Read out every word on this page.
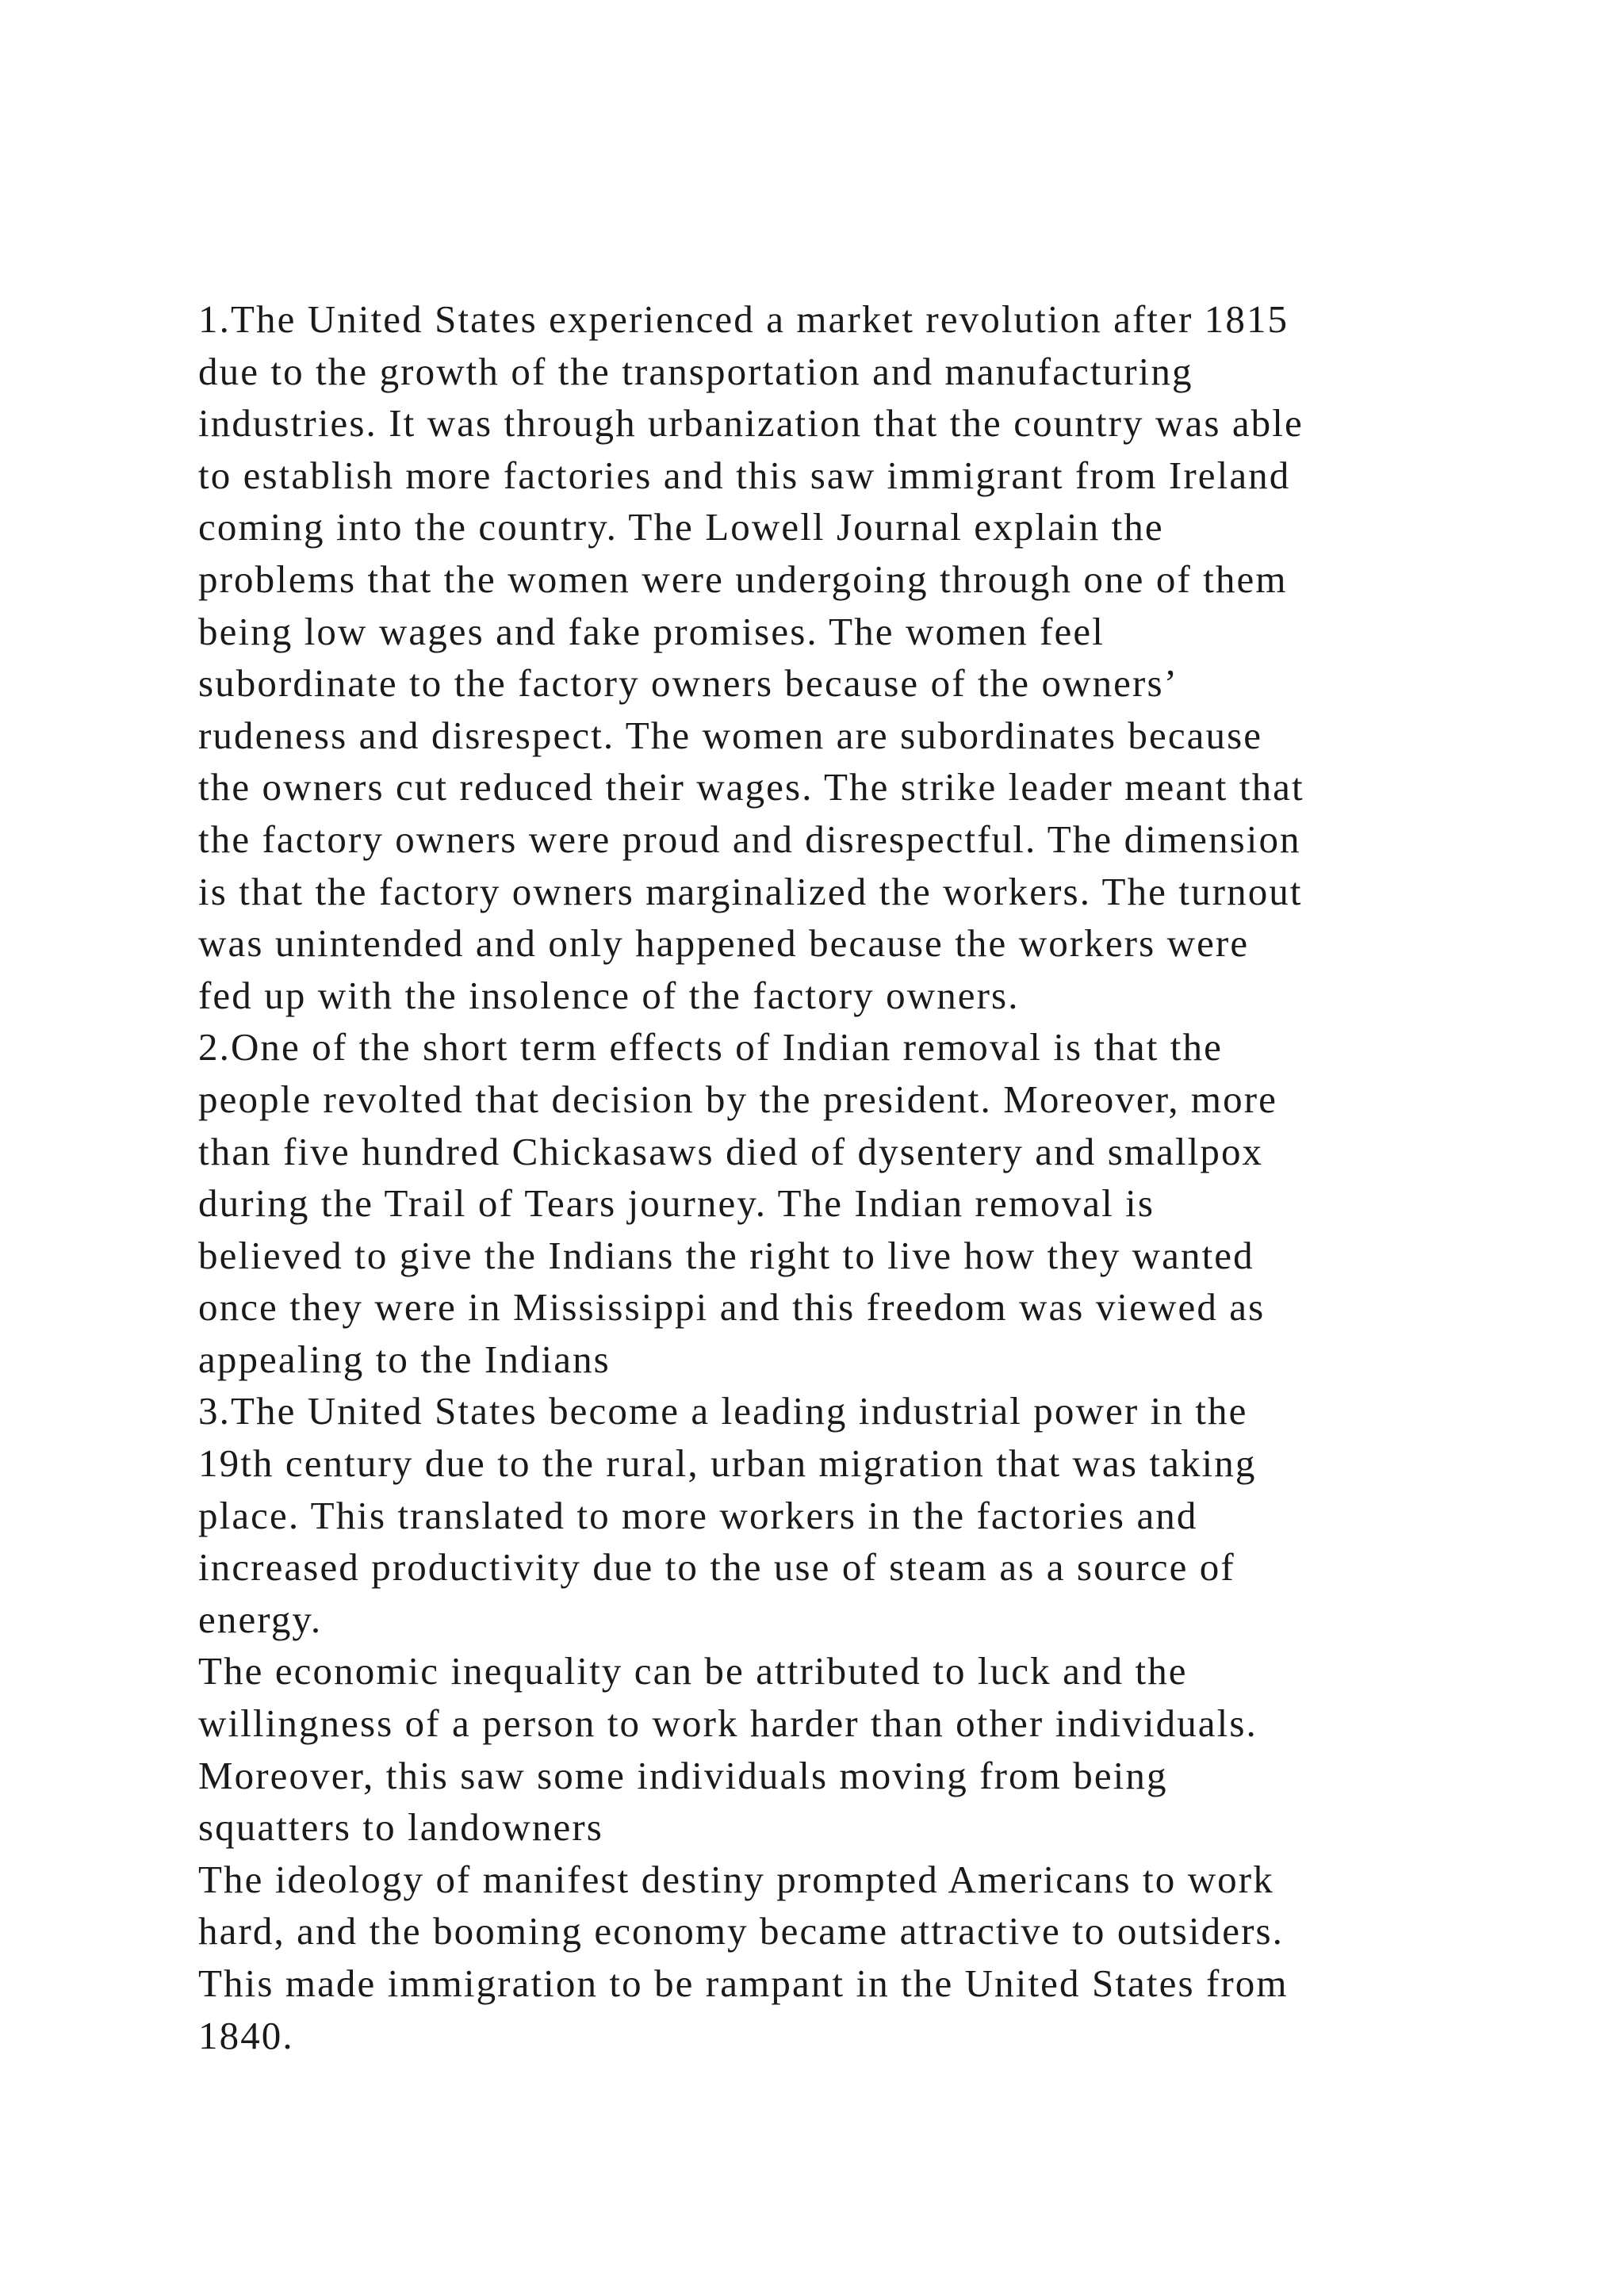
1.The United States experienced a market revolution after 1815
due to the growth of the transportation and manufacturing
industries. It was through urbanization that the country was able
to establish more factories and this saw immigrant from Ireland
coming into the country. The Lowell Journal explain the
problems that the women were undergoing through one of them
being low wages and fake promises. The women feel
subordinate to the factory owners because of the owners’
rudeness and disrespect. The women are subordinates because
the owners cut reduced their wages. The strike leader meant that
the factory owners were proud and disrespectful. The dimension
is that the factory owners marginalized the workers. The turnout
was unintended and only happened because the workers were
fed up with the insolence of the factory owners.
2.One of the short term effects of Indian removal is that the
people revolted that decision by the president. Moreover, more
than five hundred Chickasaws died of dysentery and smallpox
during the Trail of Tears journey. The Indian removal is
believed to give the Indians the right to live how they wanted
once they were in Mississippi and this freedom was viewed as
appealing to the Indians
3.The United States become a leading industrial power in the
19th century due to the rural, urban migration that was taking
place. This translated to more workers in the factories and
increased productivity due to the use of steam as a source of
energy.
The economic inequality can be attributed to luck and the
willingness of a person to work harder than other individuals.
Moreover, this saw some individuals moving from being
squatters to landowners
The ideology of manifest destiny prompted Americans to work
hard, and the booming economy became attractive to outsiders.
This made immigration to be rampant in the United States from
1840.
